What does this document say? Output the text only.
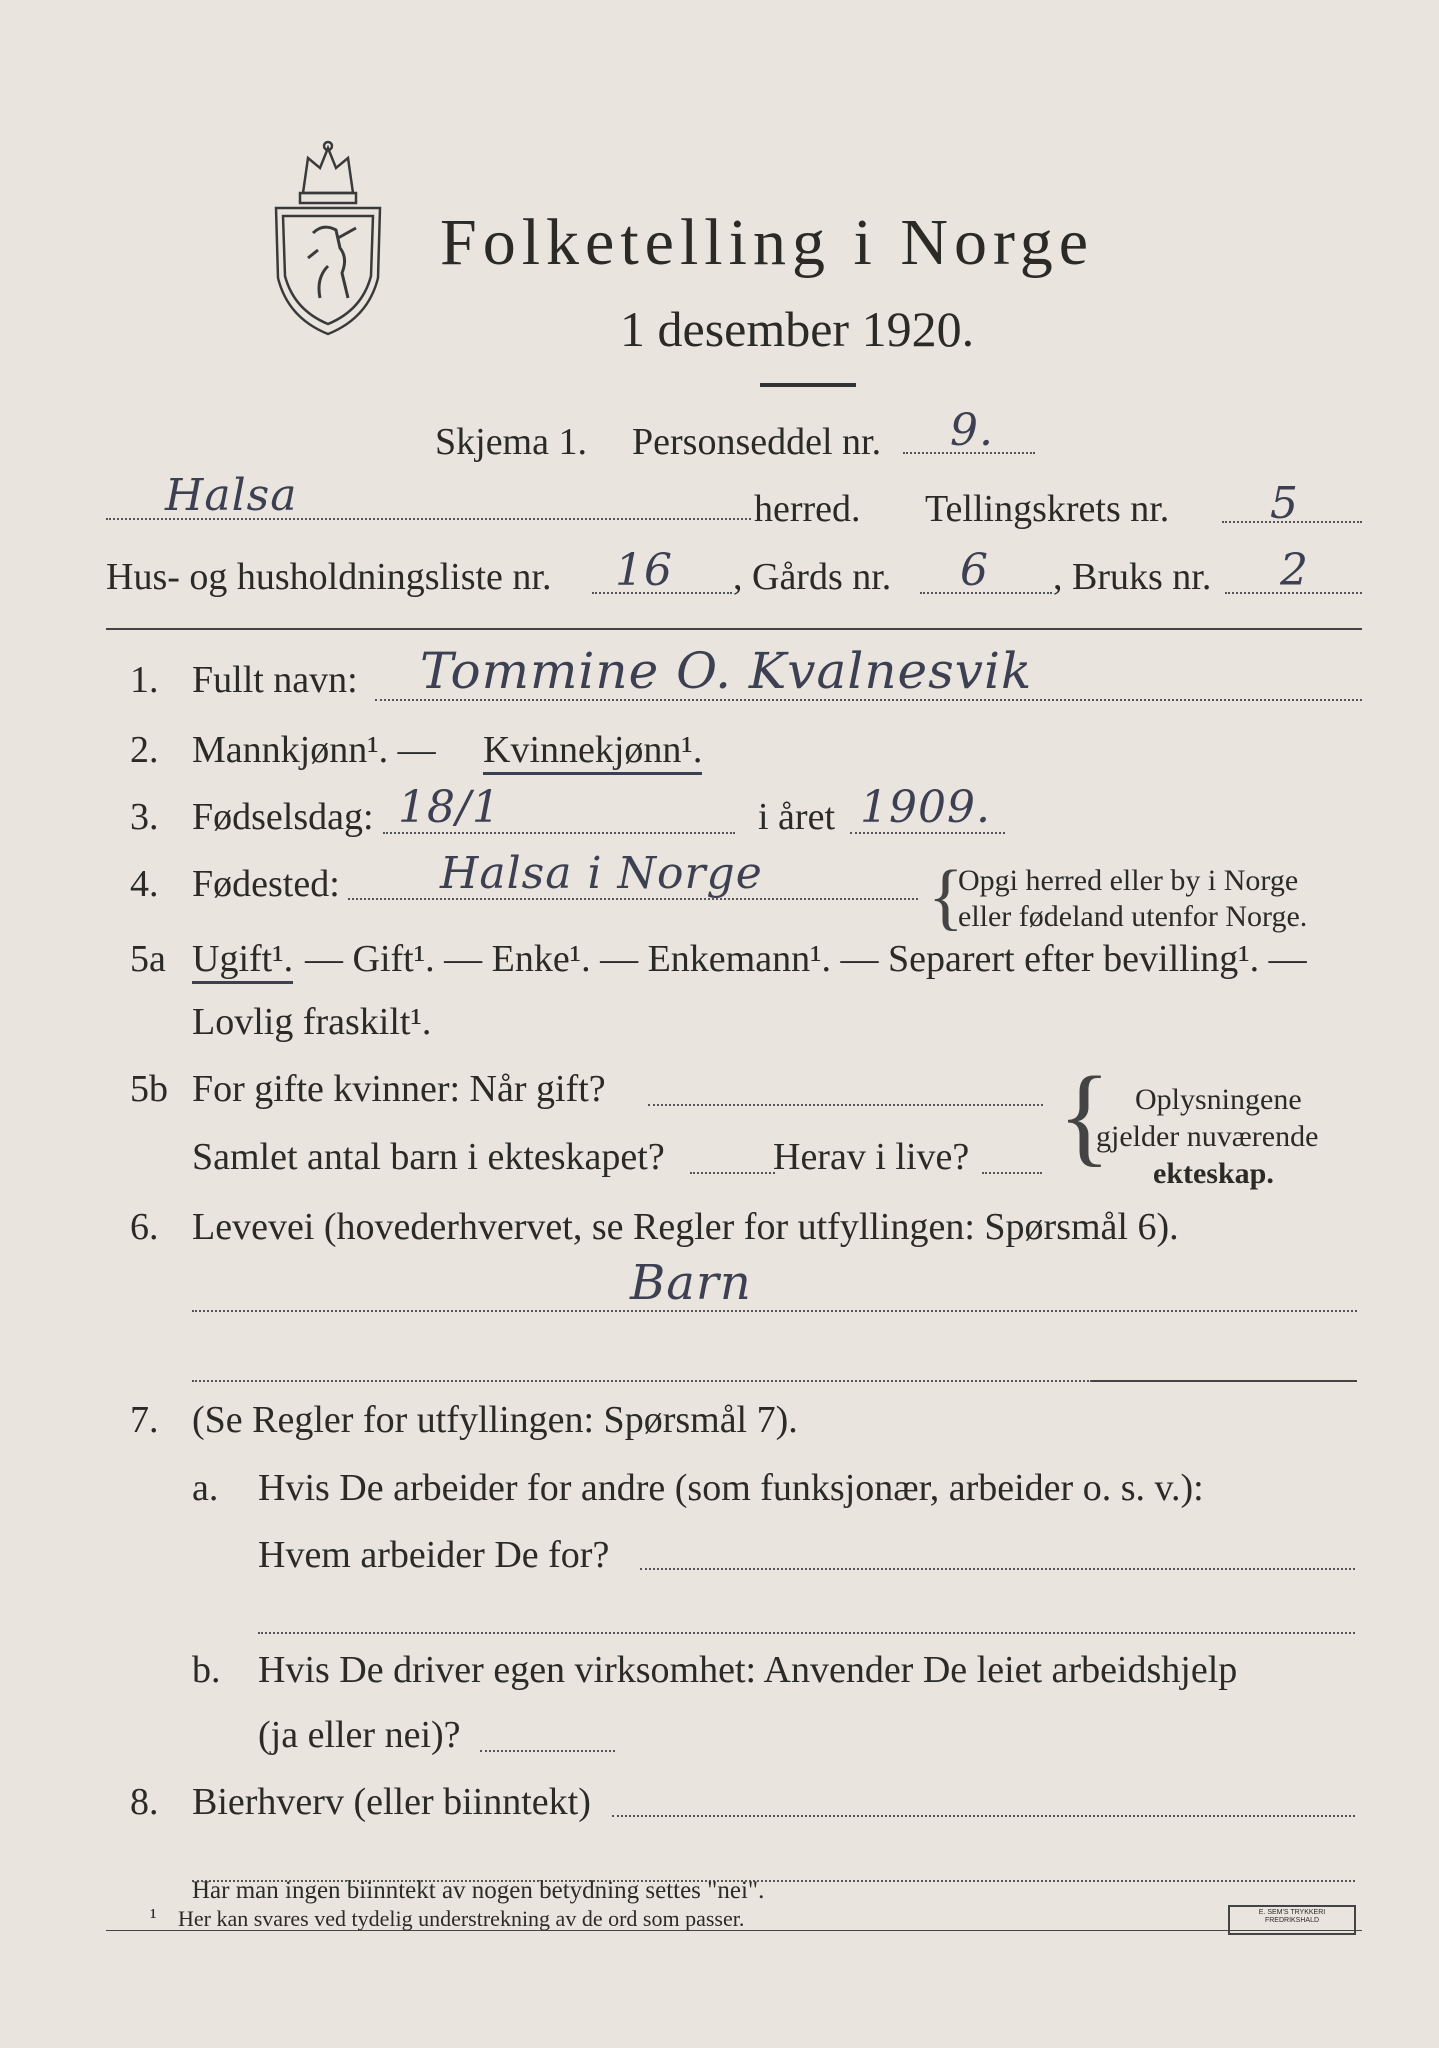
Folketelling i Norge
1 desember 1920.
Skjema 1. Personseddel nr. 9.
Halsa	herred. Tellingskrets nr. 5
Hus- og husholdningsliste nr. 16 , Gårds nr. 6 , Bruks nr. 2
1. Fullt navn: Tommine O. Kvalnesvik
2. Mannkjønn¹. — Kvinnekjønn¹.
3. Fødselsdag: 18/1	i året 1909.
4. Fødested: Halsa i Norge {
Opgi herred eller by i Norge
eller fødeland utenfor Norge.
5a Ugift¹. — Gift¹. — Enke¹. — Enkemann¹. — Separert efter bevilling¹. —
Lovlig fraskilt¹.
5b For gifte kvinner: Når gift?
Samlet antal barn i ekteskapet?	Herav i live? { Oplysningene
gjelder nuværende
ekteskap.
6. Levevei (hovederhvervet, se Regler for utfyllingen: Spørsmål 6).
Barn
7. (Se Regler for utfyllingen: Spørsmål 7).
a. Hvis De arbeider for andre (som funksjonær, arbeider o. s. v.):
Hvem arbeider De for?
b. Hvis De driver egen virksomhet: Anvender De leiet arbeidshjelp
(ja eller nei)?
8. Bierhverv (eller biinntekt)
Har man ingen biinntekt av nogen betydning settes "nei".
¹ Her kan svares ved tydelig understrekning av de ord som passer.	E. SEM'S TRYKKERI FREDRIKSHALD
